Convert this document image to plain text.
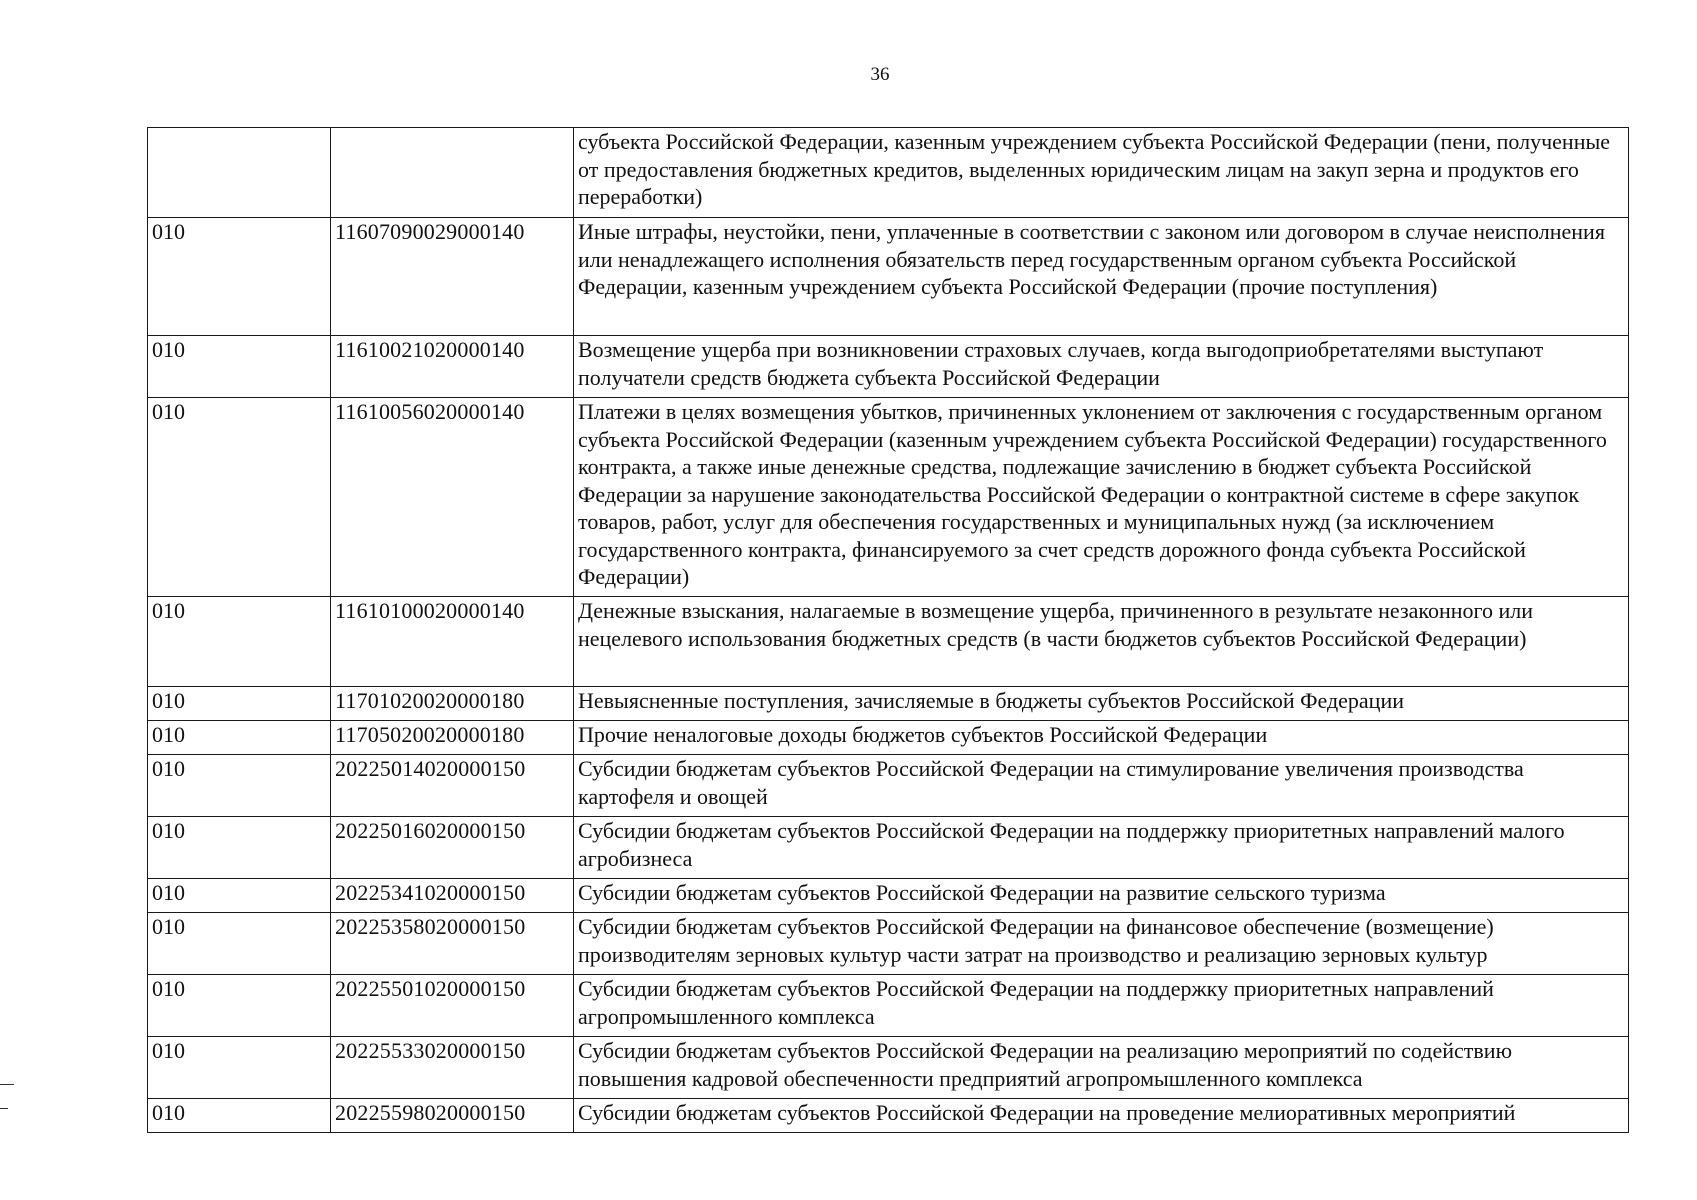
36
		субъекта Российской Федерации, казенным учреждением субъекта Российской Федерации (пени, полученные от предоставления бюджетных кредитов, выделенных юридическим лицам на закуп зерна и продуктов его переработки)
010	11607090029000140	Иные штрафы, неустойки, пени, уплаченные в соответствии с законом или договором в случае неисполнения или ненадлежащего исполнения обязательств перед государственным органом субъекта Российской Федерации, казенным учреждением субъекта Российской Федерации (прочие поступления)
010	11610021020000140	Возмещение ущерба при возникновении страховых случаев, когда выгодоприобретателями выступают получатели средств бюджета субъекта Российской Федерации
010	11610056020000140	Платежи в целях возмещения убытков, причиненных уклонением от заключения с государственным органом субъекта Российской Федерации (казенным учреждением субъекта Российской Федерации) государственного контракта, а также иные денежные средства, подлежащие зачислению в бюджет субъекта Российской Федерации за нарушение законодательства Российской Федерации о контрактной системе в сфере закупок товаров, работ, услуг для обеспечения государственных и муниципальных нужд (за исключением государственного контракта, финансируемого за счет средств дорожного фонда субъекта Российской Федерации)
010	11610100020000140	Денежные взыскания, налагаемые в возмещение ущерба, причиненного в результате незаконного или нецелевого использования бюджетных средств (в части бюджетов субъектов Российской Федерации)
010	11701020020000180	Невыясненные поступления, зачисляемые в бюджеты субъектов Российской Федерации
010	11705020020000180	Прочие неналоговые доходы бюджетов субъектов Российской Федерации
010	20225014020000150	Субсидии бюджетам субъектов Российской Федерации на стимулирование увеличения производства картофеля и овощей
010	20225016020000150	Субсидии бюджетам субъектов Российской Федерации на поддержку приоритетных направлений малого агробизнеса
010	20225341020000150	Субсидии бюджетам субъектов Российской Федерации на развитие сельского туризма
010	20225358020000150	Субсидии бюджетам субъектов Российской Федерации на финансовое обеспечение (возмещение) производителям зерновых культур части затрат на производство и реализацию зерновых культур
010	20225501020000150	Субсидии бюджетам субъектов Российской Федерации на поддержку приоритетных направлений агропромышленного комплекса
010	20225533020000150	Субсидии бюджетам субъектов Российской Федерации на реализацию мероприятий по содействию повышения кадровой обеспеченности предприятий агропромышленного комплекса
010	20225598020000150	Субсидии бюджетам субъектов Российской Федерации на проведение мелиоративных мероприятий
